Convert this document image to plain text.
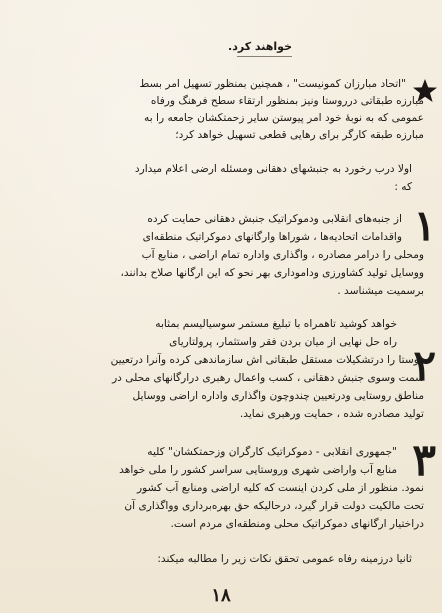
خواهند کرد.
"اتحاد مبارزان کمونیست" ، همچنین بمنظور تسهیل امر بسط
مبارزه طبقاتی درروستا ونیز بمنظور ارتقاء سطح فرهنگ ورفاه
عمومی که به نوبهٔ خود امر پیوستن سایر زحمتکشان جامعه را به
مبارزه طبقه کارگر برای رهایی قطعی تسهیل خواهد کرد؛
اولا درب رخورد به جنبشهای دهقانی ومسئله ارضی اعلام میدارد
که :
۱
از جنبه‌های انقلابی ودموکراتیک جنبش دهقانی حمایت کرده
واقدامات اتحادیه‌ها ، شوراها وارگانهای دموکراتیک منطقه‌ای
ومحلی را درامر مصادره ، واگذاری واداره تمام اراضی ، منابع آب
ووسایل تولید کشاورزی وداموداری بهر نحو که این ارگانها صلاح بدانند،
برسمیت میشناسد .
۲
خواهد کوشید تاهمراه با تبلیغ مستمر سوسیالیسم بمثابه
راه حل نهایی از میان بردن فقر واستثمار، پرولتاریای
روستا را درتشکیلات مستقل طبقاتی اش سازماندهی کرده وآنرا درتعیین
سمت وسوی جنبش دهقانی ، کسب واعمال رهبری درارگانهای محلی در
مناطق روستایی ودرتعیین چندوچون واگذاری واداره اراضی ووسایل
تولید مصادره شده ، حمایت ورهبری نماید.
۳
"جمهوری انقلابی - دموکراتیک کارگران وزحمتکشان" کلیه
منابع آب واراضی شهری وروستایی سراسر کشور را ملی خواهد
نمود. منظور از ملی کردن اینست که کلیه اراضی ومنابع آب کشور
تحت مالکیت دولت قرار گیرد، درحالیکه حق بهره‌برداری وواگذاری آن
دراختیار ارگانهای دموکراتیک محلی ومنطقه‌ای مردم است.
ثانیا درزمینه رفاه عمومی تحقق نکات زیر را مطالبه میکند:
۱۸
